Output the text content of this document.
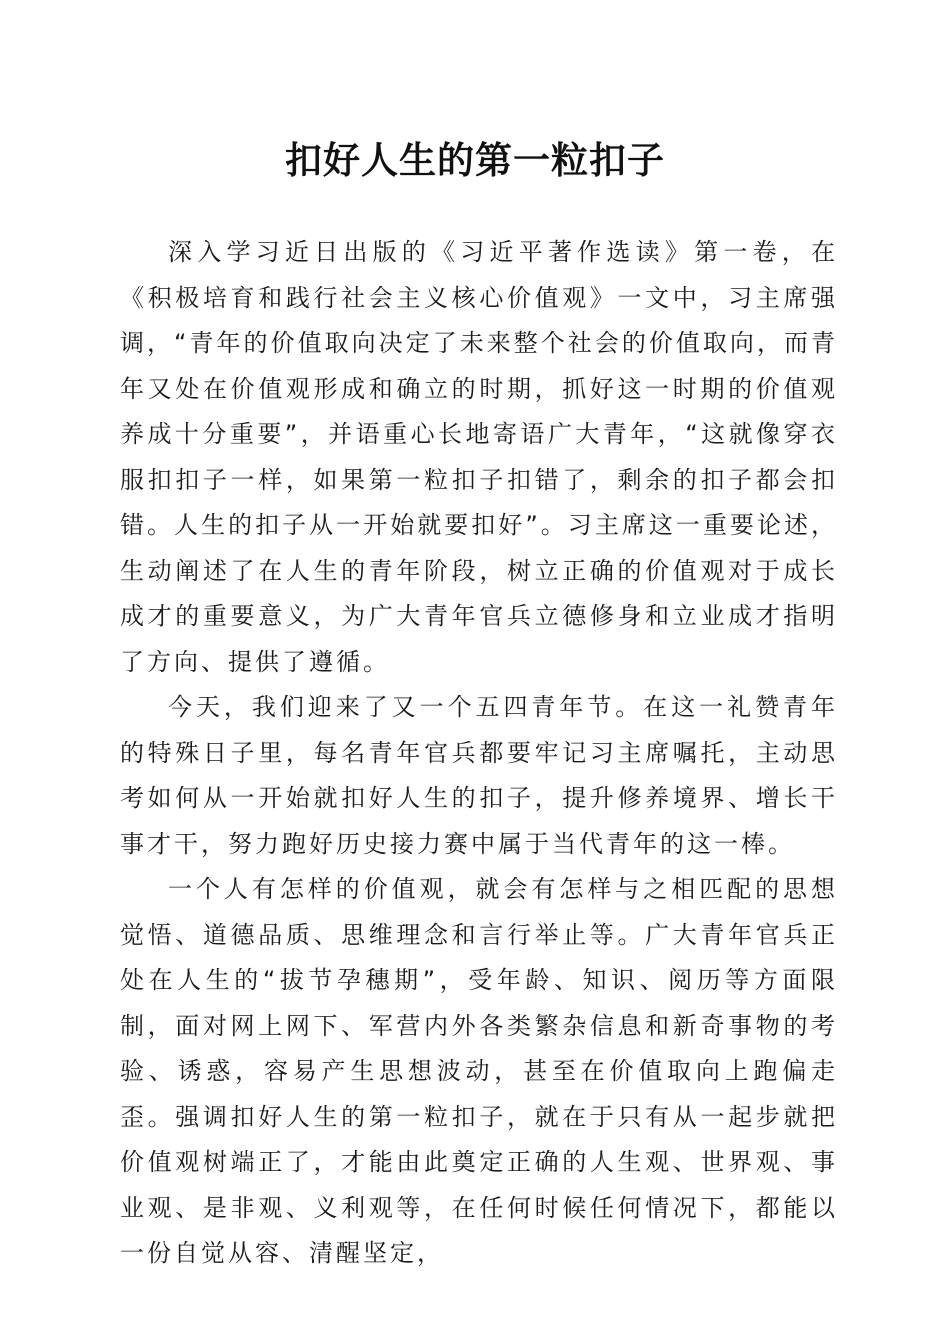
扣好人生的第一粒扣子

深入学习近日出版的《习近平著作选读》第一卷，在《积极培育和践行社会主义核心价值观》一文中，习主席强调，“青年的价值取向决定了未来整个社会的价值取向，而青年又处在价值观形成和确立的时期，抓好这一时期的价值观养成十分重要”，并语重心长地寄语广大青年，“这就像穿衣服扣扣子一样，如果第一粒扣子扣错了，剩余的扣子都会扣错。人生的扣子从一开始就要扣好”。习主席这一重要论述，生动阐述了在人生的青年阶段，树立正确的价值观对于成长成才的重要意义，为广大青年官兵立德修身和立业成才指明了方向、提供了遵循。

今天，我们迎来了又一个五四青年节。在这一礼赞青年的特殊日子里，每名青年官兵都要牢记习主席嘱托，主动思考如何从一开始就扣好人生的扣子，提升修养境界、增长干事才干，努力跑好历史接力赛中属于当代青年的这一棒。

一个人有怎样的价值观，就会有怎样与之相匹配的思想觉悟、道德品质、思维理念和言行举止等。广大青年官兵正处在人生的“拔节孕穗期”，受年龄、知识、阅历等方面限制，面对网上网下、军营内外各类繁杂信息和新奇事物的考验、诱惑，容易产生思想波动，甚至在价值取向上跑偏走歪。强调扣好人生的第一粒扣子，就在于只有从一起步就把价值观树端正了，才能由此奠定正确的人生观、世界观、事业观、是非观、义利观等，在任何时候任何情况下，都能以一份自觉从容、清醒坚定，
